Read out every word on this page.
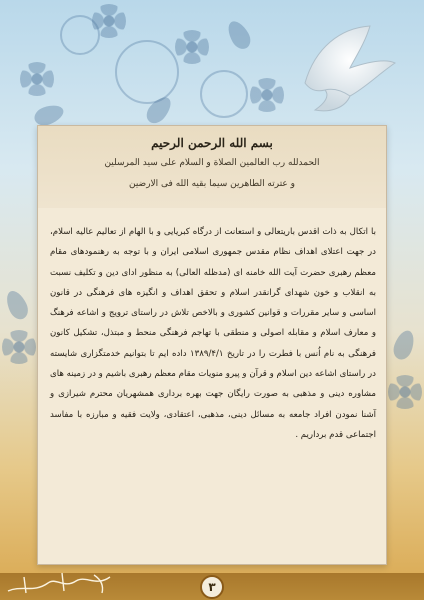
بسم الله الرحمن الرحیم
الحمدلله رب العالمین الصلاة و السلام علی سید المرسلین
و عترته الطاهرین سیما بقیه الله فی الارضین
با اتکال به ذات اقدس باریتعالی و استعانت از درگاه کبریایی و با الهام از تعالیم عالیه اسلام، در جهت اعتلای اهداف نظام مقدس جمهوری اسلامی ایران و با توجه به رهنمودهای مقام معظم رهبری حضرت آیت الله خامنه ای (مدظله العالی) به منظور ادای دین و تکلیف نسبت به انقلاب و خون شهدای گرانقدر اسلام و تحقق اهداف و انگیزه های فرهنگی در قانون اساسی و سایر مقررات و قوانین کشوری و بالاخص تلاش در راستای ترویج و اشاعه فرهنگ و معارف اسلام و مقابله اصولی و منطقی با تهاجم فرهنگی منحط و مبتذل، تشکیل کانون فرهنگی به نام اُنس با فطرت را در تاریخ ۱۳۸۹/۴/۱ داده ایم تا بتوانیم خدمتگزاری شایسته در راستای اشاعه دین اسلام و قرآن و پیرو منویات مقام معظم رهبری باشیم و در زمینه های مشاوره دینی و مذهبی به صورت رایگان جهت بهره برداری همشهریان محترم شیرازی و آشنا نمودن افراد جامعه به مسائل دینی، مذهبی، اعتقادی، ولایت فقیه و مبارزه با مفاسد اجتماعی قدم برداریم .
۳
